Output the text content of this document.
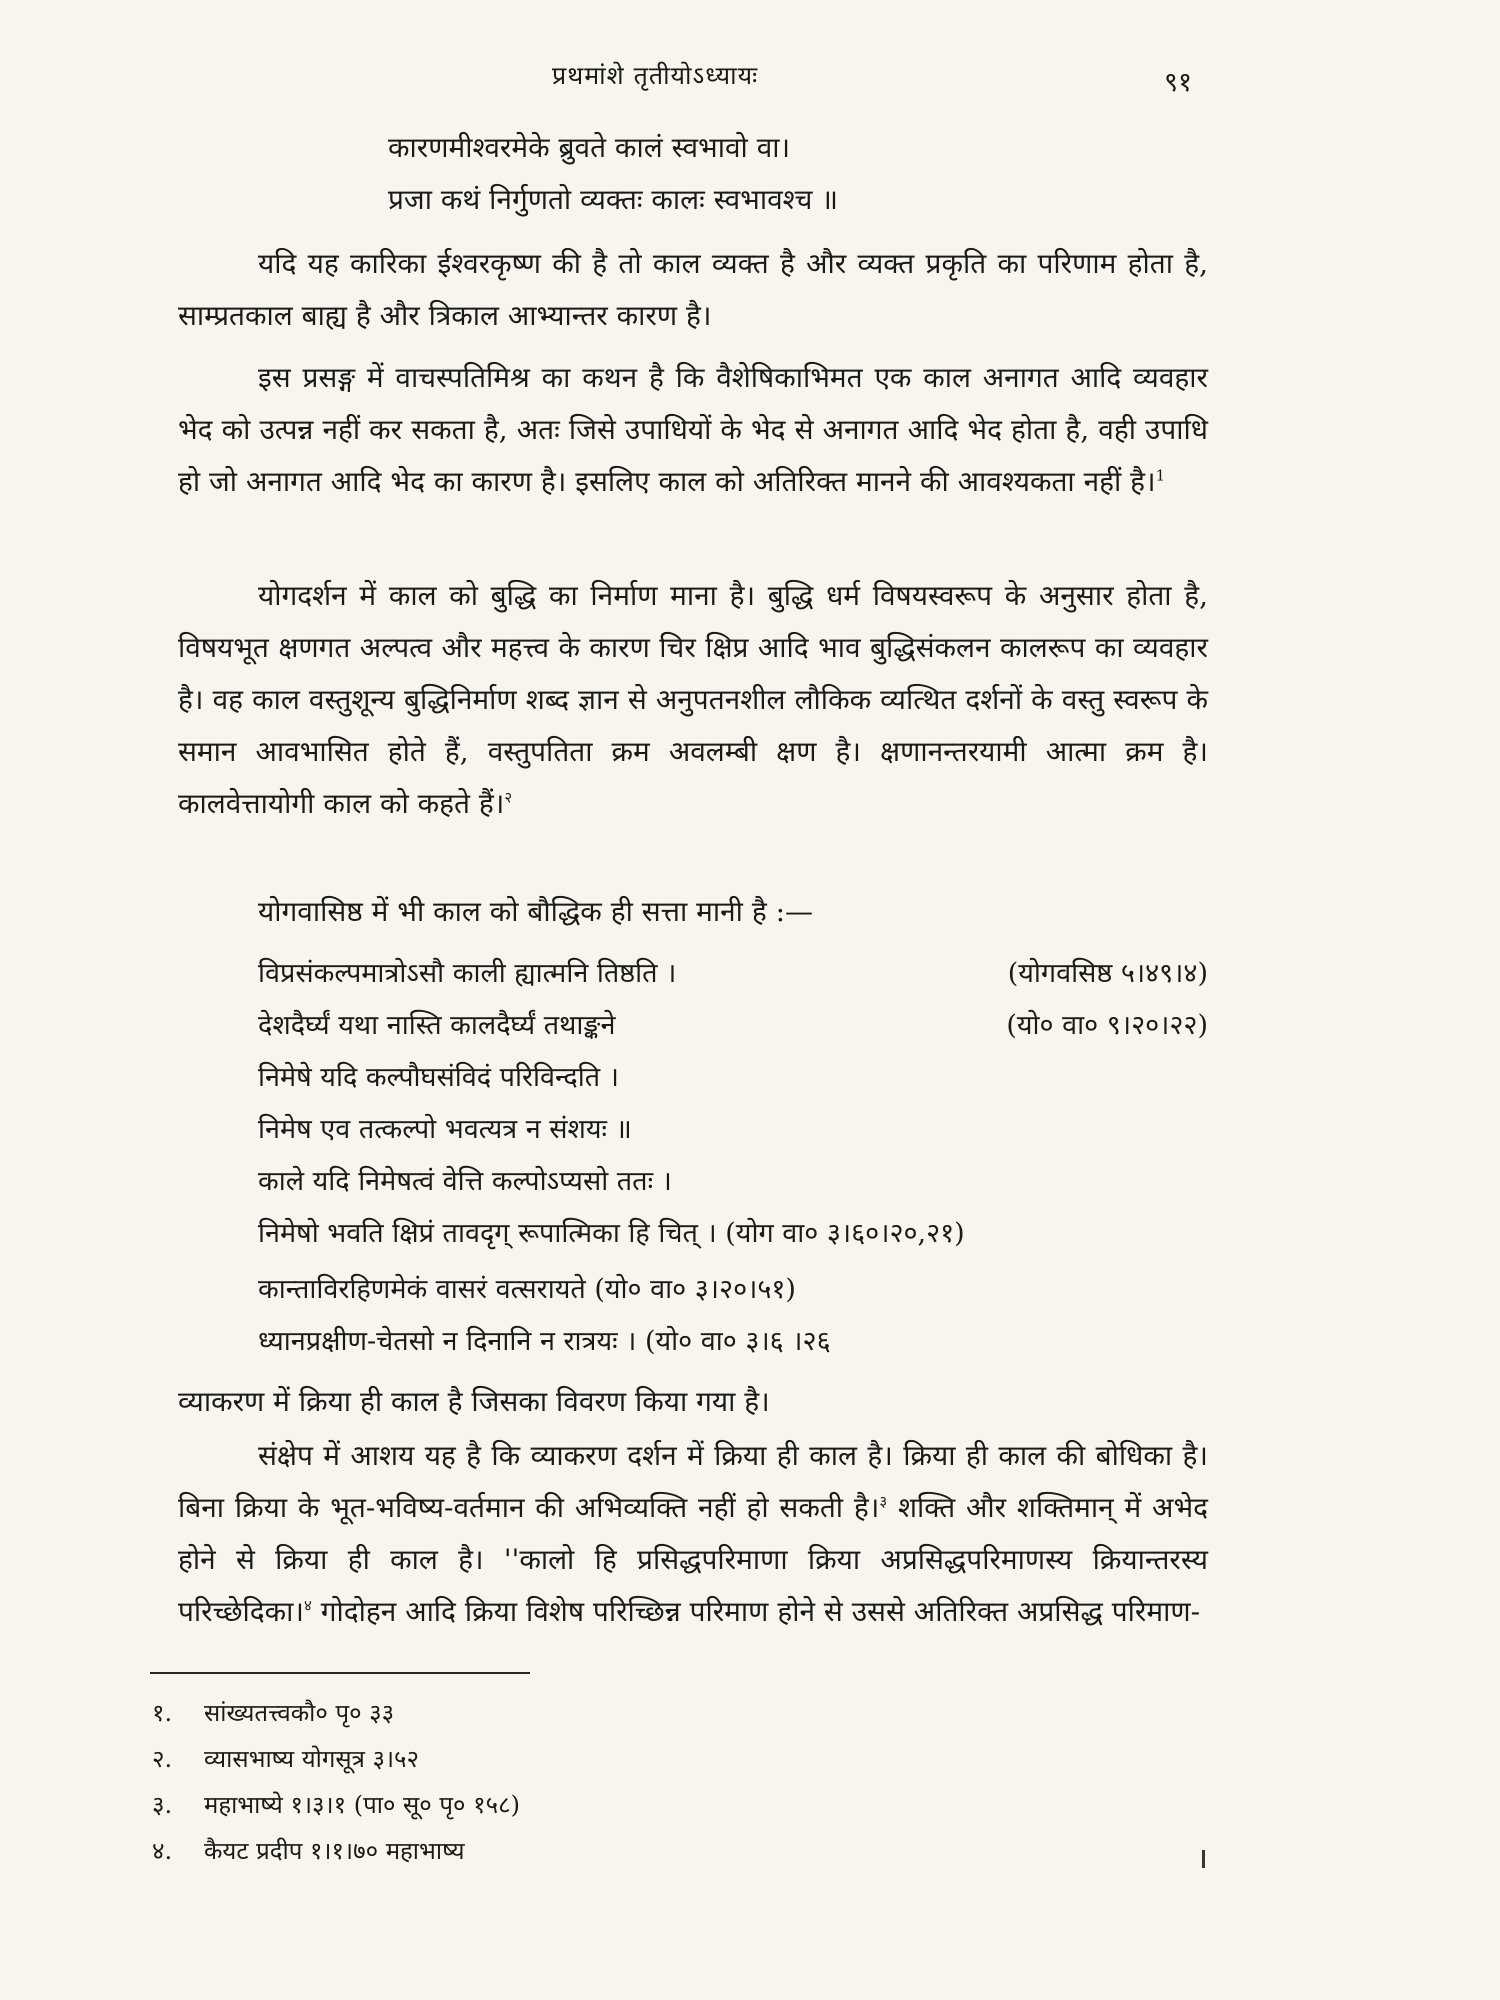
प्रथमांशे तृतीयोऽध्यायः	९१
कारणमीश्वरमेके ब्रुवते कालं स्वभावो वा।
प्रजा कथं निर्गुणतो व्यक्तः कालः स्वभावश्च ॥

यदि यह कारिका ईश्वरकृष्ण की है तो काल व्यक्त है और व्यक्त प्रकृति का परिणाम होता है, साम्प्रतकाल बाह्य है और त्रिकाल आभ्यान्तर कारण है।

इस प्रसङ्ग में वाचस्पतिमिश्र का कथन है कि वैशेषिकाभिमत एक काल अनागत आदि व्यवहार भेद को उत्पन्न नहीं कर सकता है, अतः जिसे उपाधियों के भेद से अनागत आदि भेद होता है, वही उपाधि हो जो अनागत आदि भेद का कारण है। इसलिए काल को अतिरिक्त मानने की आवश्यकता नहीं है।$^1$

योगदर्शन में काल को बुद्धि का निर्माण माना है। बुद्धि धर्म विषयस्वरूप के अनुसार होता है, विषयभूत क्षणगत अल्पत्व और महत्त्व के कारण चिर क्षिप्र आदि भाव बुद्धिसंकलन कालरूप का व्यवहार है। वह काल वस्तुशून्य बुद्धिनिर्माण शब्द ज्ञान से अनुपतनशील लौकिक व्यत्थित दर्शनों के वस्तु स्वरूप के समान आवभासित होते हैं, वस्तुपतिता क्रम अवलम्बी क्षण है। क्षणानन्तरयामी आत्मा क्रम है। कालवेत्तायोगी काल को कहते हैं।$^२$

योगवासिष्ठ में भी काल को बौद्धिक ही सत्ता मानी है :—
विप्रसंकल्पमात्रोऽसौ काली ह्यात्मनि तिष्ठति ।	(योगवसिष्ठ ५।४९।४)
देशदैर्घ्यं यथा नास्ति कालदैर्घ्यं तथाङ्कने	(यो० वा० ९।२०।२२)
निमेषे यदि कल्पौघसंविदं परिविन्दति ।
निमेष एव तत्कल्पो भवत्यत्र न संशयः ॥
काले यदि निमेषत्वं वेत्ति कल्पोऽप्यसो ततः ।
निमेषो भवति क्षिप्रं तावदृग् रूपात्मिका हि चित् । (योग वा० ३।६०।२०,२१)
कान्ताविरहिणमेकं वासरं वत्सरायते (यो० वा० ३।२०।५१)
ध्यानप्रक्षीण-चेतसो न दिनानि न रात्रयः । (यो० वा० ३।६ ।२६
व्याकरण में क्रिया ही काल है जिसका विवरण किया गया है।

संक्षेप में आशय यह है कि व्याकरण दर्शन में क्रिया ही काल है। क्रिया ही काल की बोधिका है। बिना क्रिया के भूत-भविष्य-वर्तमान की अभिव्यक्ति नहीं हो सकती है।$^३$ शक्ति और शक्तिमान् में अभेद होने से क्रिया ही काल है। ''कालो हि प्रसिद्धपरिमाणा क्रिया अप्रसिद्धपरिमाणस्य क्रियान्तरस्य परिच्छेदिका।$^४$ गोदोहन आदि क्रिया विशेष परिच्छिन्न परिमाण होने से उससे अतिरिक्त अप्रसिद्ध परिमाण-

१. सांख्यतत्त्वकौ० पृ० ३३
२. व्यासभाष्य योगसूत्र ३।५२
३. महाभाष्ये १।३।१ (पा० सू० पृ० १५८)
४. कैयट प्रदीप १।१।७० महाभाष्य
